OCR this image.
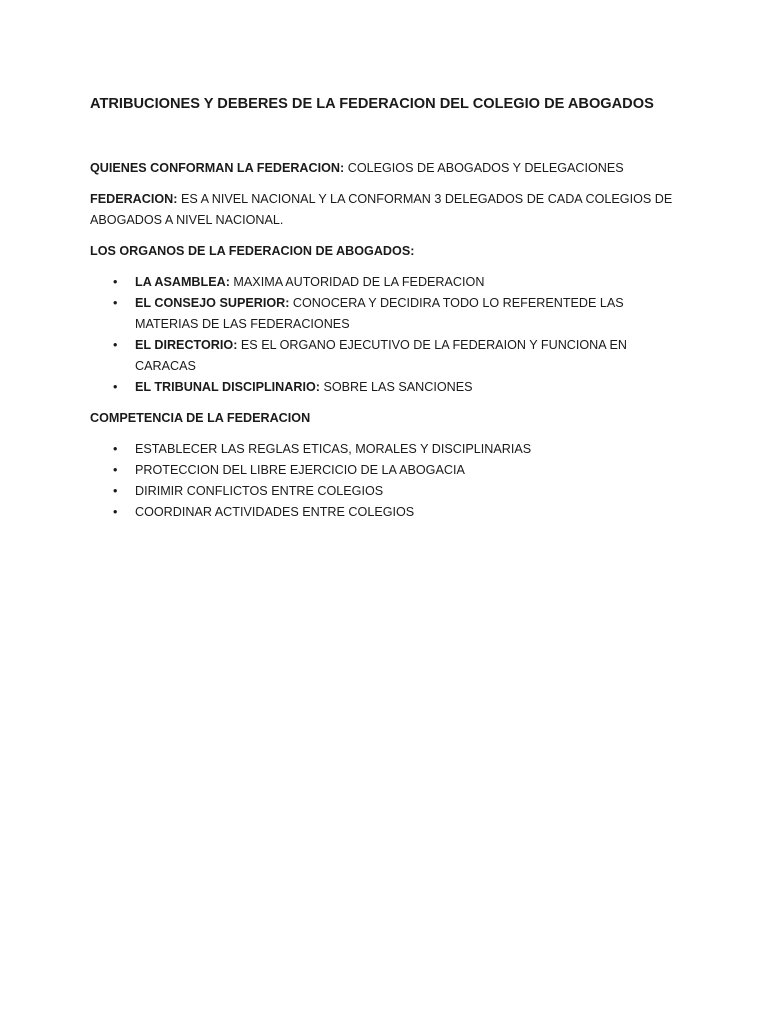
ATRIBUCIONES Y DEBERES DE LA FEDERACION DEL COLEGIO DE ABOGADOS

QUIENES CONFORMAN LA FEDERACION: COLEGIOS DE ABOGADOS Y DELEGACIONES

FEDERACION: ES A NIVEL NACIONAL Y LA CONFORMAN 3 DELEGADOS DE CADA COLEGIOS DE ABOGADOS A NIVEL NACIONAL.

LOS ORGANOS DE LA FEDERACION DE ABOGADOS:

• LA ASAMBLEA: MAXIMA AUTORIDAD DE LA FEDERACION
• EL CONSEJO SUPERIOR: CONOCERA Y DECIDIRA TODO LO REFERENTEDE LAS MATERIAS DE LAS FEDERACIONES
• EL DIRECTORIO: ES EL ORGANO EJECUTIVO DE LA FEDERAION Y FUNCIONA EN CARACAS
• EL TRIBUNAL DISCIPLINARIO: SOBRE LAS SANCIONES

COMPETENCIA DE LA FEDERACION

• ESTABLECER LAS REGLAS ETICAS, MORALES Y DISCIPLINARIAS
• PROTECCION DEL LIBRE EJERCICIO DE LA ABOGACIA
• DIRIMIR CONFLICTOS ENTRE COLEGIOS
• COORDINAR ACTIVIDADES ENTRE COLEGIOS
